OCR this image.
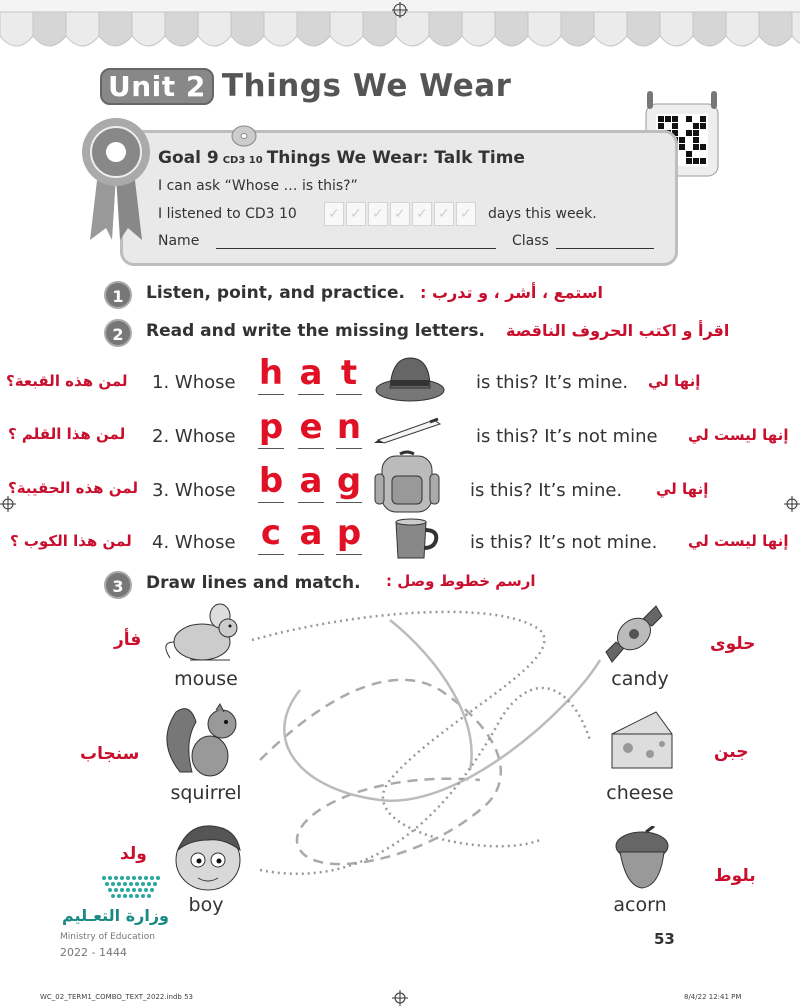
Unit 2 Things We Wear
Goal 9 CD3 10 Things We Wear: Talk Time
I can ask “Whose … is this?”
I listened to CD3 10 ✓ ✓ ✓ ✓ ✓ ✓ ✓ days this week.
Name	Class
1	Listen, point, and practice. استمع ، أشر ، و تدرب :
2	Read and write the missing letters. اقرأ و اكتب الحروف الناقصة
لمن هذه القبعة؟ 1. Whose h a t	is this? It’s mine. إنها لي
لمن هذا القلم ؟ 2. Whose p e n	is this? It’s not mine إنها ليست لي
لمن هذه الحقيبة؟ 3. Whose b a g	is this? It’s mine. إنها لي
لمن هذا الكوب ؟ 4. Whose c a p	is this? It’s not mine. إنها ليست لي
3	Draw lines and match. ارسم خطوط وصل :
فأر
mouse
سنجاب
squirrel
ولد
boy
candy
حلوى
cheese
جبن
acorn
بلوط
وزارة التعـليم
Ministry of Education
2022 - 1444
53
WC_02_TERM1_COMBO_TEXT_2022.indb 53	8/4/22 12:41 PM
